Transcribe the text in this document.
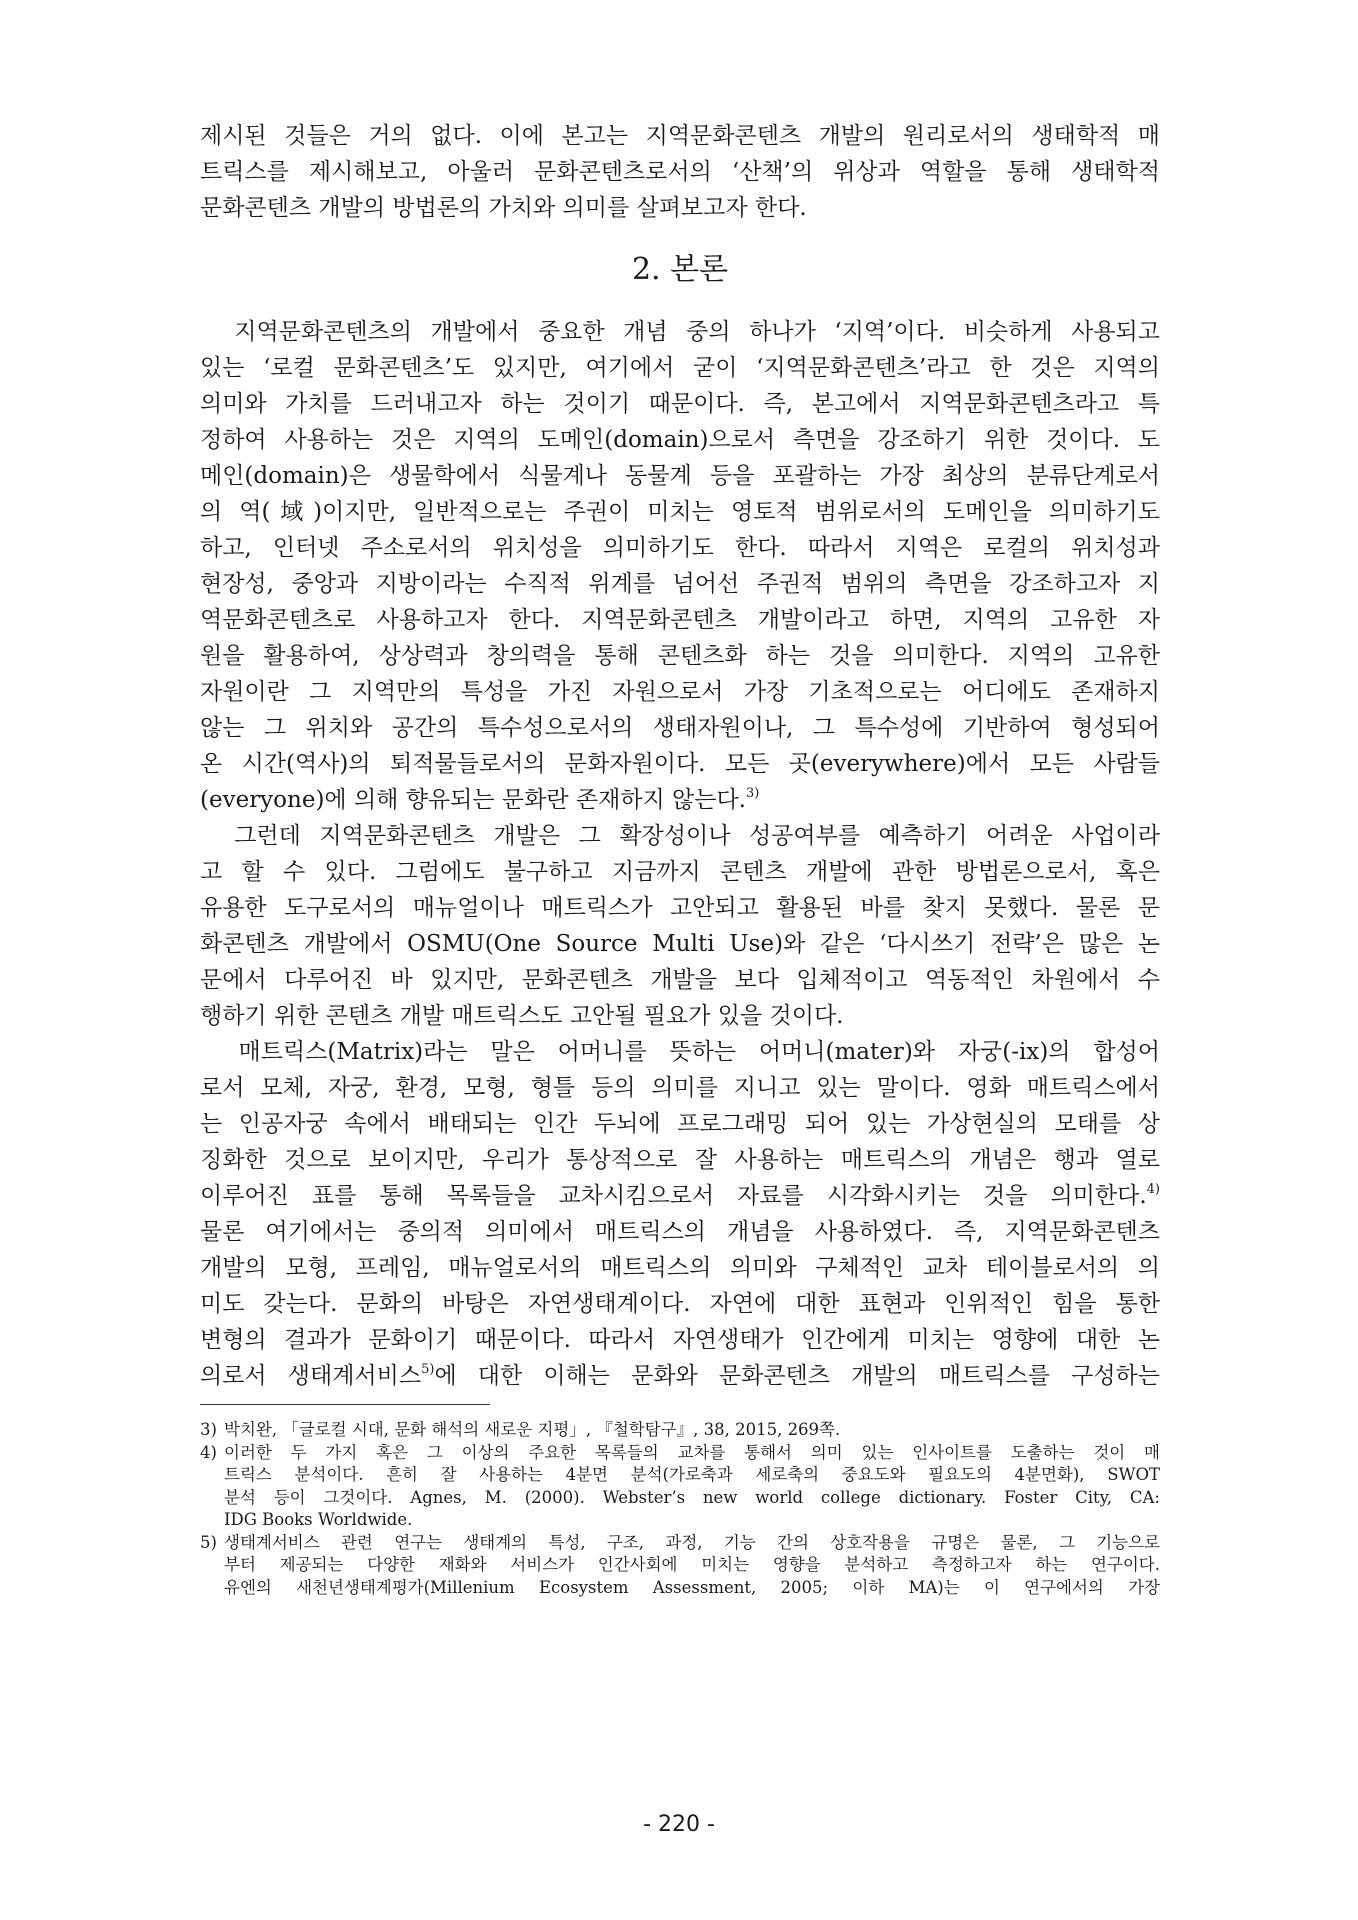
제시된 것들은 거의 없다. 이에 본고는 지역문화콘텐츠 개발의 원리로서의 생태학적 매
트릭스를 제시해보고, 아울러 문화콘텐츠로서의 ‘산책’의 위상과 역할을 통해 생태학적
문화콘텐츠 개발의 방법론의 가치와 의미를 살펴보고자 한다.
2. 본론
　지역문화콘텐츠의 개발에서 중요한 개념 중의 하나가 ‘지역’이다. 비슷하게 사용되고
있는 ‘로컬 문화콘텐츠’도 있지만, 여기에서 굳이 ‘지역문화콘텐츠’라고 한 것은 지역의
의미와 가치를 드러내고자 하는 것이기 때문이다. 즉, 본고에서 지역문화콘텐츠라고 특
정하여 사용하는 것은 지역의 도메인(domain)으로서 측면을 강조하기 위한 것이다. 도
메인(domain)은 생물학에서 식물계나 동물계 등을 포괄하는 가장 최상의 분류단계로서
의 역(域)이지만, 일반적으로는 주권이 미치는 영토적 범위로서의 도메인을 의미하기도
하고, 인터넷 주소로서의 위치성을 의미하기도 한다. 따라서 지역은 로컬의 위치성과
현장성, 중앙과 지방이라는 수직적 위계를 넘어선 주권적 범위의 측면을 강조하고자 지
역문화콘텐츠로 사용하고자 한다. 지역문화콘텐츠 개발이라고 하면, 지역의 고유한 자
원을 활용하여, 상상력과 창의력을 통해 콘텐츠화 하는 것을 의미한다. 지역의 고유한
자원이란 그 지역만의 특성을 가진 자원으로서 가장 기초적으로는 어디에도 존재하지
않는 그 위치와 공간의 특수성으로서의 생태자원이나, 그 특수성에 기반하여 형성되어
온 시간(역사)의 퇴적물들로서의 문화자원이다. 모든 곳(everywhere)에서 모든 사람들
(everyone)에 의해 향유되는 문화란 존재하지 않는다.$^{3)}$
　그런데 지역문화콘텐츠 개발은 그 확장성이나 성공여부를 예측하기 어려운 사업이라
고 할 수 있다. 그럼에도 불구하고 지금까지 콘텐츠 개발에 관한 방법론으로서, 혹은
유용한 도구로서의 매뉴얼이나 매트릭스가 고안되고 활용된 바를 찾지 못했다. 물론 문
화콘텐츠 개발에서 OSMU(One Source Multi Use)와 같은 ‘다시쓰기 전략’은 많은 논
문에서 다루어진 바 있지만, 문화콘텐츠 개발을 보다 입체적이고 역동적인 차원에서 수
행하기 위한 콘텐츠 개발 매트릭스도 고안될 필요가 있을 것이다.
　매트릭스(Matrix)라는 말은 어머니를 뜻하는 어머니(mater)와 자궁(-ix)의 합성어
로서 모체, 자궁, 환경, 모형, 형틀 등의 의미를 지니고 있는 말이다. 영화 매트릭스에서
는 인공자궁 속에서 배태되는 인간 두뇌에 프로그래밍 되어 있는 가상현실의 모태를 상
징화한 것으로 보이지만, 우리가 통상적으로 잘 사용하는 매트릭스의 개념은 행과 열로
이루어진 표를 통해 목록들을 교차시킴으로서 자료를 시각화시키는 것을 의미한다.$^{4)}$
물론 여기에서는 중의적 의미에서 매트릭스의 개념을 사용하였다. 즉, 지역문화콘텐츠
개발의 모형, 프레임, 매뉴얼로서의 매트릭스의 의미와 구체적인 교차 테이블로서의 의
미도 갖는다. 문화의 바탕은 자연생태계이다. 자연에 대한 표현과 인위적인 힘을 통한
변형의 결과가 문화이기 때문이다. 따라서 자연생태가 인간에게 미치는 영향에 대한 논
의로서 생태계서비스$^{5)}$에 대한 이해는 문화와 문화콘텐츠 개발의 매트릭스를 구성하는
3) 박치완, 「글로컬 시대, 문화 해석의 새로운 지평」, 『철학탐구』, 38, 2015, 269쪽.
4) 이러한 두 가지 혹은 그 이상의 주요한 목록들의 교차를 통해서 의미 있는 인사이트를 도출하는 것이 매
트릭스 분석이다. 흔히 잘 사용하는 4분면 분석(가로축과 세로축의 중요도와 필요도의 4분면화), SWOT
분석 등이 그것이다. Agnes, M. (2000). Webster’s new world college dictionary. Foster City, CA:
IDG Books Worldwide.
5) 생태계서비스 관련 연구는 생태계의 특성, 구조, 과정, 기능 간의 상호작용을 규명은 물론, 그 기능으로
부터 제공되는 다양한 재화와 서비스가 인간사회에 미치는 영향을 분석하고 측정하고자 하는 연구이다.
유엔의 새천년생태계평가(Millenium Ecosystem Assessment, 2005; 이하 MA)는 이 연구에서의 가장
- 220 -
